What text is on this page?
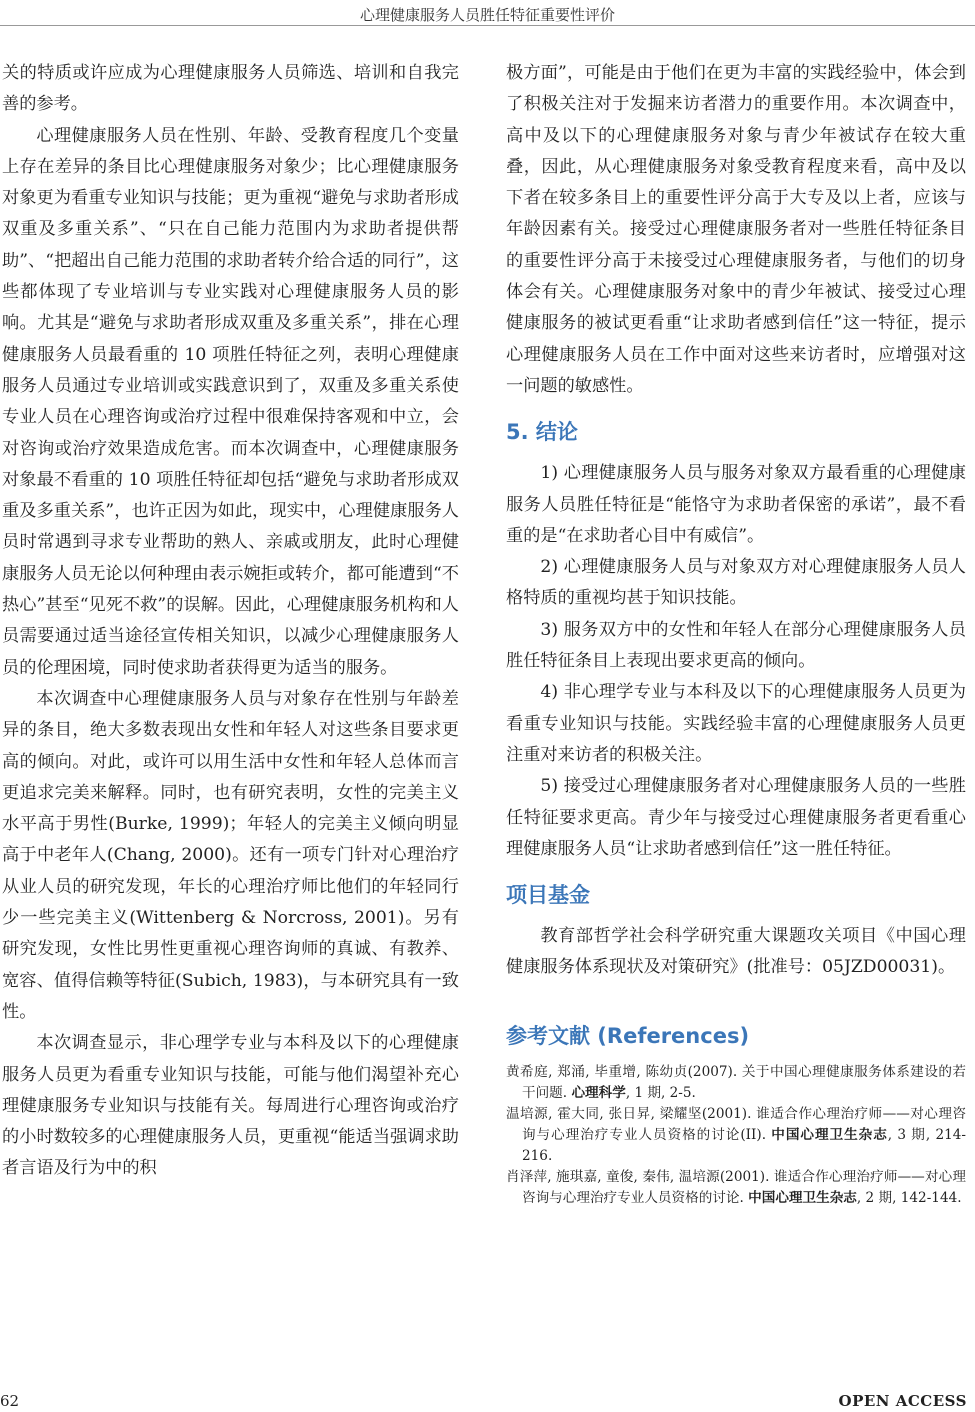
心理健康服务人员胜任特征重要性评价

关的特质或许应成为心理健康服务人员筛选、培训和自我完善的参考。

心理健康服务人员在性别、年龄、受教育程度几个变量上存在差异的条目比心理健康服务对象少；比心理健康服务对象更为看重专业知识与技能；更为重视“避免与求助者形成双重及多重关系”、“只在自己能力范围内为求助者提供帮助”、“把超出自己能力范围的求助者转介给合适的同行”，这些都体现了专业培训与专业实践对心理健康服务人员的影响。尤其是“避免与求助者形成双重及多重关系”，排在心理健康服务人员最看重的 10 项胜任特征之列，表明心理健康服务人员通过专业培训或实践意识到了，双重及多重关系使专业人员在心理咨询或治疗过程中很难保持客观和中立，会对咨询或治疗效果造成危害。而本次调查中，心理健康服务对象最不看重的 10 项胜任特征却包括“避免与求助者形成双重及多重关系”，也许正因为如此，现实中，心理健康服务人员时常遇到寻求专业帮助的熟人、亲戚或朋友，此时心理健康服务人员无论以何种理由表示婉拒或转介，都可能遭到“不热心”甚至“见死不救”的误解。因此，心理健康服务机构和人员需要通过适当途径宣传相关知识，以减少心理健康服务人员的伦理困境，同时使求助者获得更为适当的服务。

本次调查中心理健康服务人员与对象存在性别与年龄差异的条目，绝大多数表现出女性和年轻人对这些条目要求更高的倾向。对此，或许可以用生活中女性和年轻人总体而言更追求完美来解释。同时，也有研究表明，女性的完美主义水平高于男性(Burke, 1999)；年轻人的完美主义倾向明显高于中老年人(Chang, 2000)。还有一项专门针对心理治疗从业人员的研究发现，年长的心理治疗师比他们的年轻同行少一些完美主义(Wittenberg & Norcross, 2001)。另有研究发现，女性比男性更重视心理咨询师的真诚、有教养、宽容、值得信赖等特征(Subich, 1983)，与本研究具有一致性。

本次调查显示，非心理学专业与本科及以下的心理健康服务人员更为看重专业知识与技能，可能与他们渴望补充心理健康服务专业知识与技能有关。每周进行心理咨询或治疗的小时数较多的心理健康服务人员，更重视“能适当强调求助者言语及行为中的积

极方面”，可能是由于他们在更为丰富的实践经验中，体会到了积极关注对于发掘来访者潜力的重要作用。本次调查中，高中及以下的心理健康服务对象与青少年被试存在较大重叠，因此，从心理健康服务对象受教育程度来看，高中及以下者在较多条目上的重要性评分高于大专及以上者，应该与年龄因素有关。接受过心理健康服务者对一些胜任特征条目的重要性评分高于未接受过心理健康服务者，与他们的切身体会有关。心理健康服务对象中的青少年被试、接受过心理健康服务的被试更看重“让求助者感到信任”这一特征，提示心理健康服务人员在工作中面对这些来访者时，应增强对这一问题的敏感性。

5. 结论

1) 心理健康服务人员与服务对象双方最看重的心理健康服务人员胜任特征是“能恪守为求助者保密的承诺”，最不看重的是“在求助者心目中有威信”。

2) 心理健康服务人员与对象双方对心理健康服务人员人格特质的重视均甚于知识技能。

3) 服务双方中的女性和年轻人在部分心理健康服务人员胜任特征条目上表现出要求更高的倾向。

4) 非心理学专业与本科及以下的心理健康服务人员更为看重专业知识与技能。实践经验丰富的心理健康服务人员更注重对来访者的积极关注。

5) 接受过心理健康服务者对心理健康服务人员的一些胜任特征要求更高。青少年与接受过心理健康服务者更看重心理健康服务人员“让求助者感到信任”这一胜任特征。

项目基金

教育部哲学社会科学研究重大课题攻关项目《中国心理健康服务体系现状及对策研究》(批准号：05JZD00031)。

参考文献 (References)

黄希庭, 郑涌, 毕重增, 陈幼贞(2007). 关于中国心理健康服务体系建设的若干问题. 心理科学, 1 期, 2-5.

温培源, 霍大同, 张日昇, 梁耀坚(2001). 谁适合作心理治疗师——对心理咨询与心理治疗专业人员资格的讨论(II). 中国心理卫生杂志, 3 期, 214-216.

肖泽萍, 施琪嘉, 童俊, 秦伟, 温培源(2001). 谁适合作心理治疗师——对心理咨询与心理治疗专业人员资格的讨论. 中国心理卫生杂志, 2 期, 142-144.

62	OPEN ACCESS
